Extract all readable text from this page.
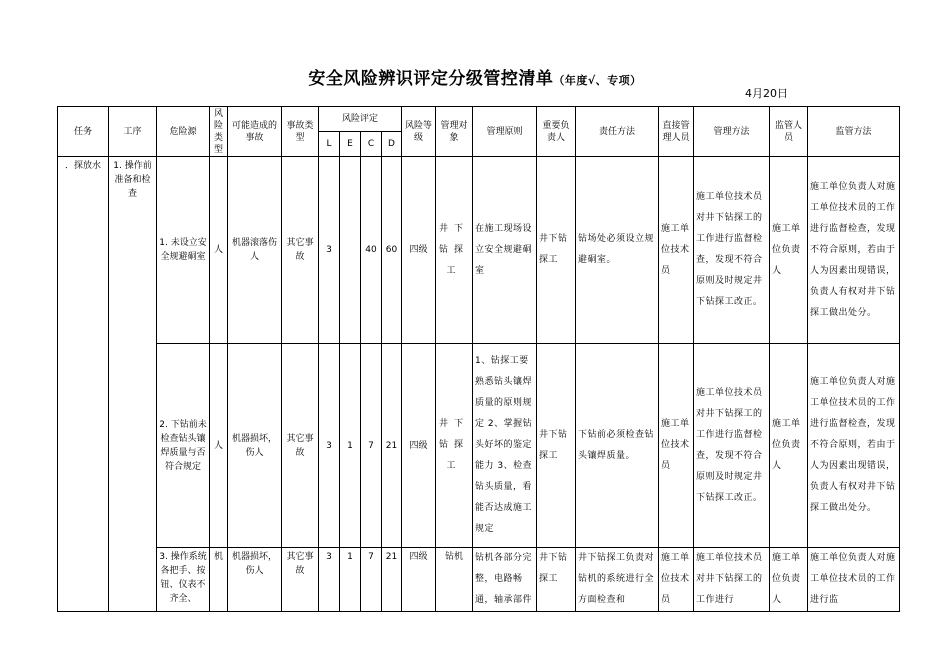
安全风险辨识评定分级管控清单（年度√、专项）
4月20日
任务	工序	危险源	风险类型	可能造成的事故	事故类型	风险评定				风险等级	管理对象	管理原则	重要负责人	责任方法	直接管理人员	管理方法	监管人员	监管方法
						L	E	C	D									
．探放水	1. 操作前准备和检查	1. 未设立安全规避硐室	人	机器滚落伤人	其它事故	3		40	60	四级	井下钻探工	在施工现场设立安全规避硐室	井下钻探工	钻场处必须设立规避硐室。	施工单位技术员	施工单位技术员对井下钻探工的工作进行监督检查，发现不符合原则及时规定井下钻探工改正。	施工单位负责人	施工单位负责人对施工单位技术员的工作进行监督检查，发现不符合原则，若由于人为因素出现错误，负责人有权对井下钻探工做出处分。
		2. 下钻前未检查钻头镶焊质量与否符合规定	人	机器损坏，伤人	其它事故	3	1	7	21	四级	井下钻探工	1、钻探工要熟悉钻头镶焊质量的原则规定 2、掌握钻头好坏的鉴定能力 3、检查钻头质量，看能否达成施工规定	井下钻探工	下钻前必须检查钻头镶焊质量。	施工单位技术员	施工单位技术员对井下钻探工的工作进行监督检查，发现不符合原则及时规定井下钻探工改正。	施工单位负责人	施工单位负责人对施工单位技术员的工作进行监督检查，发现不符合原则，若由于人为因素出现错误，负责人有权对井下钻探工做出处分。
		3. 操作系统各把手、按钮、仪表不齐全、	机	机器损坏，伤人	其它事故	3	1	7	21	四级	钻机	钻机各部分完整，电路畅通，轴承部件	井下钻探工	井下钻探工负责对钻机的系统进行全方面检查和	施工单位技术员	施工单位技术员对井下钻探工的工作进行	施工单位负责人	施工单位负责人对施工单位技术员的工作进行监
